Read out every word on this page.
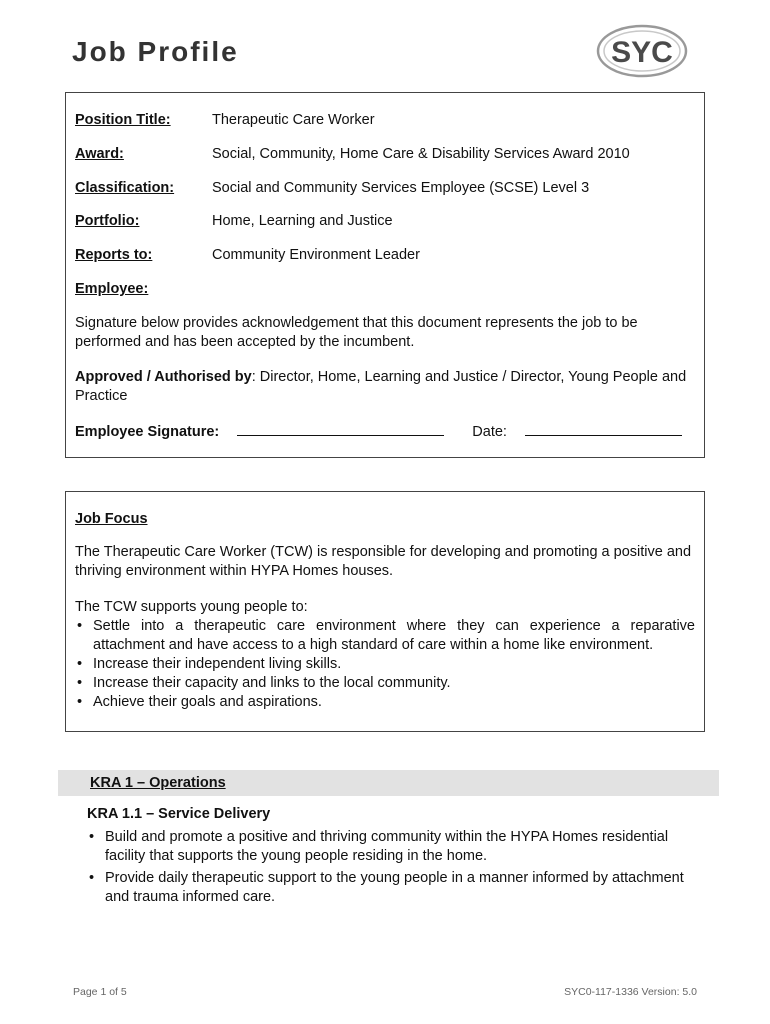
Job Profile	SYC
Position Title:	Therapeutic Care Worker
Award:	Social, Community, Home Care & Disability Services Award 2010
Classification:	Social and Community Services Employee (SCSE) Level 3
Portfolio:	Home, Learning and Justice
Reports to:	Community Environment Leader
Employee:
Signature below provides acknowledgement that this document represents the job to be performed and has been accepted by the incumbent.
Approved / Authorised by: Director, Home, Learning and Justice / Director, Young People and Practice
Employee Signature:	Date:
Job Focus
The Therapeutic Care Worker (TCW) is responsible for developing and promoting a positive and thriving environment within HYPA Homes houses.
The TCW supports young people to:
• Settle into a therapeutic care environment where they can experience a reparative attachment and have access to a high standard of care within a home like environment.
• Increase their independent living skills.
• Increase their capacity and links to the local community.
• Achieve their goals and aspirations.
KRA 1 – Operations
KRA 1.1 – Service Delivery
• Build and promote a positive and thriving community within the HYPA Homes residential facility that supports the young people residing in the home.
• Provide daily therapeutic support to the young people in a manner informed by attachment and trauma informed care.
Page 1 of 5	SYC0-117-1336 Version: 5.0
